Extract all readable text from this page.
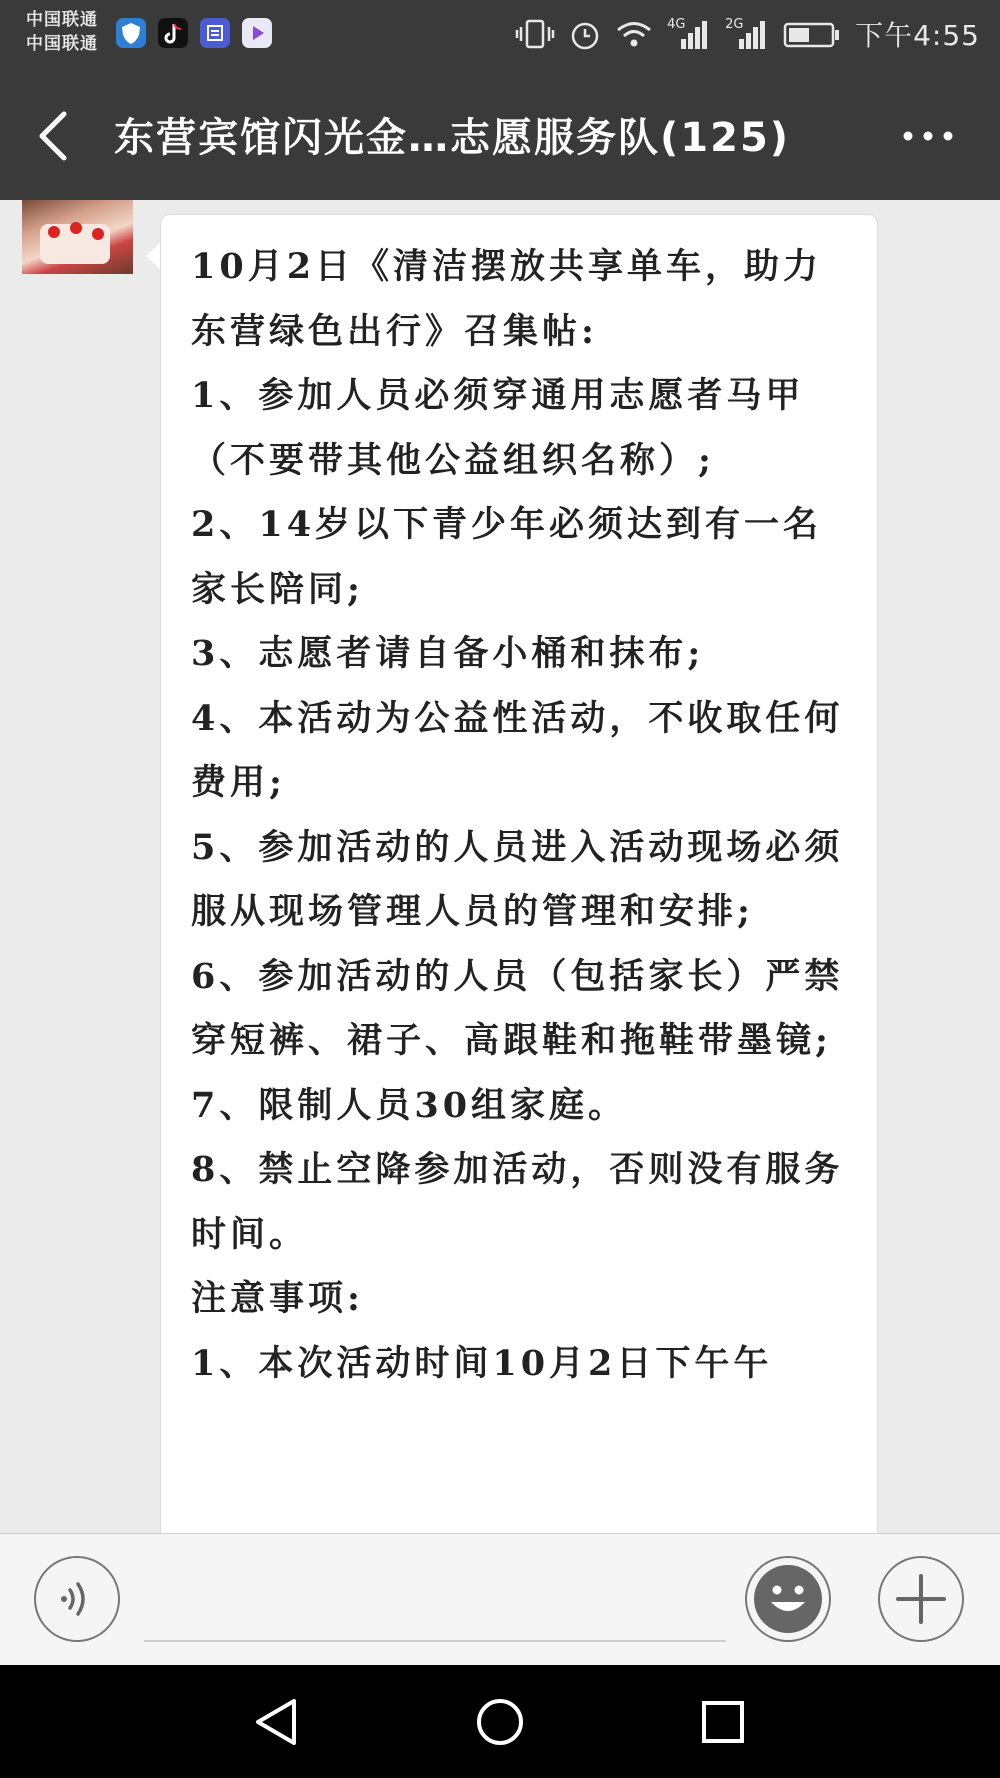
中国联通
中国联通
4G	2G	下午4:55
东营宾馆闪光金…志愿服务队(125)
10月2日《清洁摆放共享单车，助力东营绿色出行》召集帖:
1、参加人员必须穿通用志愿者马甲（不要带其他公益组织名称）;
2、14岁以下青少年必须达到有一名家长陪同;
3、志愿者请自备小桶和抹布;
4、本活动为公益性活动，不收取任何费用;
5、参加活动的人员进入活动现场必须服从现场管理人员的管理和安排;
6、参加活动的人员（包括家长）严禁穿短裤、裙子、高跟鞋和拖鞋带墨镜;
7、限制人员30组家庭。
8、禁止空降参加活动，否则没有服务时间。
注意事项:
1、本次活动时间10月2日下午午
